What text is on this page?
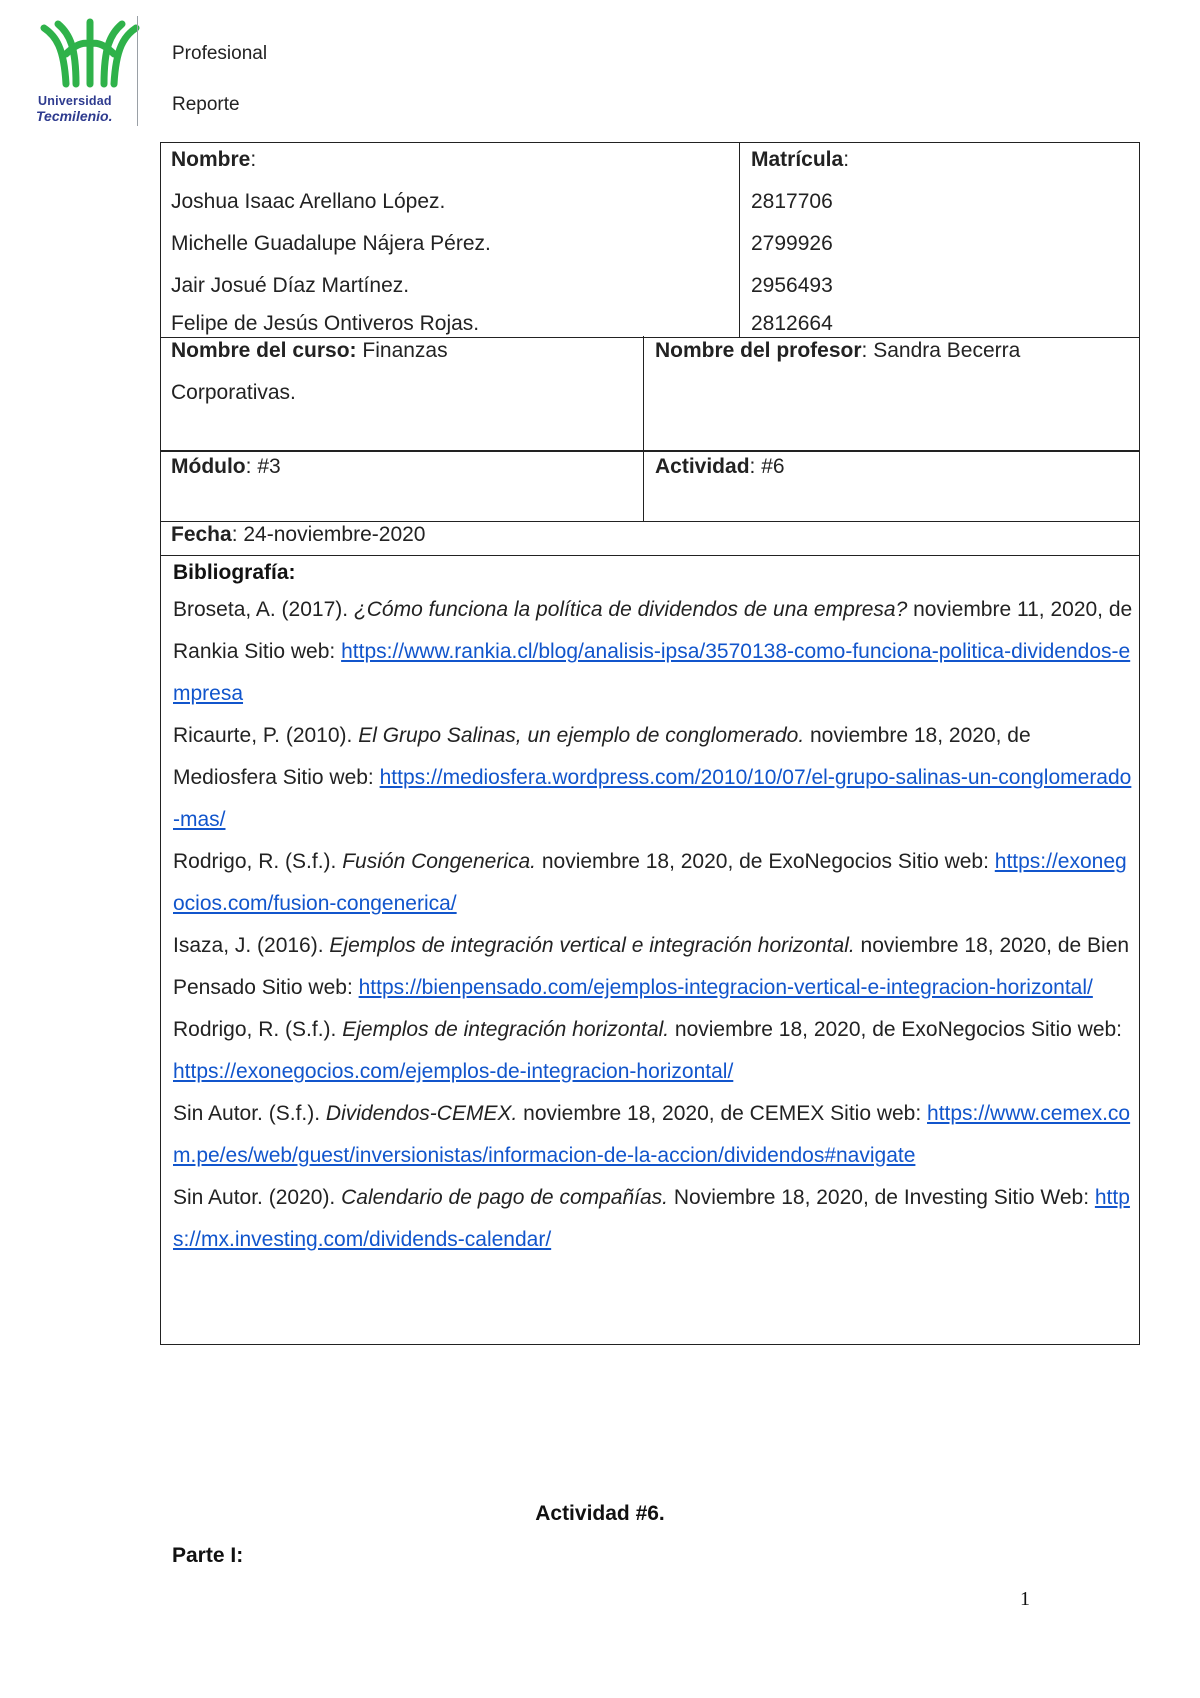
Universidad
Tecmilenio.
Profesional
Reporte
Nombre:
Joshua Isaac Arellano López.
Michelle Guadalupe Nájera Pérez.
Jair Josué Díaz Martínez.
Felipe de Jesús Ontiveros Rojas.
Matrícula:
2817706
2799926
2956493
2812664
Nombre del curso: Finanzas
Corporativas.
Nombre del profesor: Sandra Becerra
Módulo: #3	Actividad: #6
Fecha: 24-noviembre-2020
Bibliografía:
Broseta, A. (2017). ¿Cómo funciona la política de dividendos de una empresa? noviembre 11, 2020, de Rankia Sitio web: https://www.rankia.cl/blog/analisis-ipsa/3570138-como-funciona-politica-dividendos-empresa
Ricaurte, P. (2010). El Grupo Salinas, un ejemplo de conglomerado. noviembre 18, 2020, de Mediosfera Sitio web: https://mediosfera.wordpress.com/2010/10/07/el-grupo-salinas-un-conglomerado-mas/
Rodrigo, R. (S.f.). Fusión Congenerica. noviembre 18, 2020, de ExoNegocios Sitio web: https://exonegocios.com/fusion-congenerica/
Isaza, J. (2016). Ejemplos de integración vertical e integración horizontal. noviembre 18, 2020, de Bien Pensado Sitio web: https://bienpensado.com/ejemplos-integracion-vertical-e-integracion-horizontal/
Rodrigo, R. (S.f.). Ejemplos de integración horizontal. noviembre 18, 2020, de ExoNegocios Sitio web: https://exonegocios.com/ejemplos-de-integracion-horizontal/
Sin Autor. (S.f.). Dividendos-CEMEX. noviembre 18, 2020, de CEMEX Sitio web: https://www.cemex.com.pe/es/web/guest/inversionistas/informacion-de-la-accion/dividendos#navigate
Sin Autor. (2020). Calendario de pago de compañías. Noviembre 18, 2020, de Investing Sitio Web: https://mx.investing.com/dividends-calendar/
Actividad #6.
Parte I:
1
